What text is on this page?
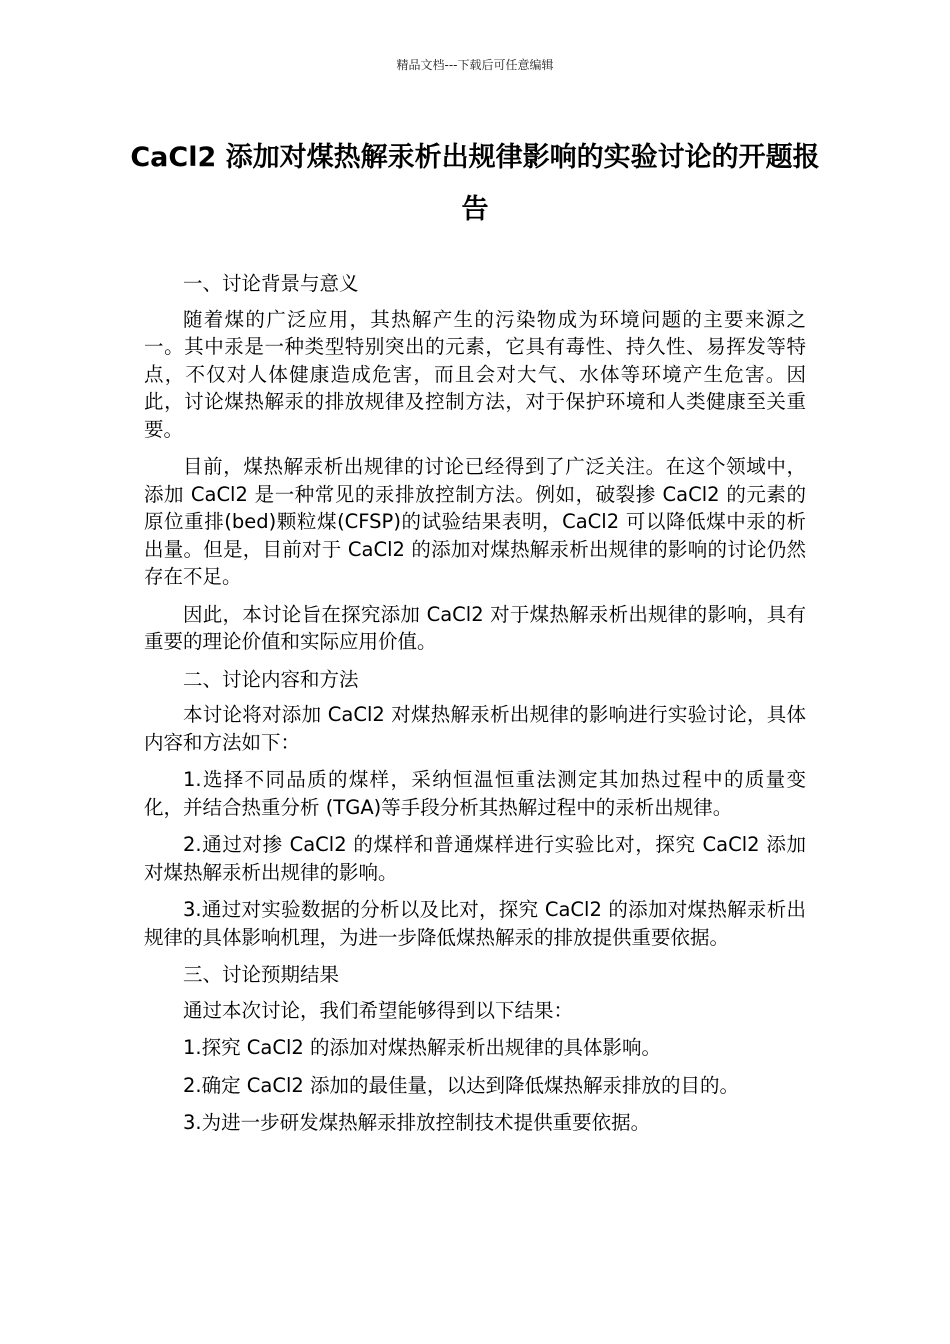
精品文档---下载后可任意编辑
CaCl2 添加对煤热解汞析出规律影响的实验讨论的开题报告

一、讨论背景与意义

随着煤的广泛应用，其热解产生的污染物成为环境问题的主要来源之一。其中汞是一种类型特别突出的元素，它具有毒性、持久性、易挥发等特点，不仅对人体健康造成危害，而且会对大气、水体等环境产生危害。因此，讨论煤热解汞的排放规律及控制方法，对于保护环境和人类健康至关重要。

目前，煤热解汞析出规律的讨论已经得到了广泛关注。在这个领域中，添加 CaCl2 是一种常见的汞排放控制方法。例如，破裂掺 CaCl2 的元素的原位重排(bed)颗粒煤(CFSP)的试验结果表明，CaCl2 可以降低煤中汞的析出量。但是，目前对于 CaCl2 的添加对煤热解汞析出规律的影响的讨论仍然存在不足。

因此，本讨论旨在探究添加 CaCl2 对于煤热解汞析出规律的影响，具有重要的理论价值和实际应用价值。

二、讨论内容和方法

本讨论将对添加 CaCl2 对煤热解汞析出规律的影响进行实验讨论，具体内容和方法如下：

1.选择不同品质的煤样，采纳恒温恒重法测定其加热过程中的质量变化，并结合热重分析 (TGA)等手段分析其热解过程中的汞析出规律。

2.通过对掺 CaCl2 的煤样和普通煤样进行实验比对，探究 CaCl2 添加对煤热解汞析出规律的影响。

3.通过对实验数据的分析以及比对，探究 CaCl2 的添加对煤热解汞析出规律的具体影响机理，为进一步降低煤热解汞的排放提供重要依据。

三、讨论预期结果

通过本次讨论，我们希望能够得到以下结果：

1.探究 CaCl2 的添加对煤热解汞析出规律的具体影响。

2.确定 CaCl2 添加的最佳量，以达到降低煤热解汞排放的目的。

3.为进一步研发煤热解汞排放控制技术提供重要依据。
